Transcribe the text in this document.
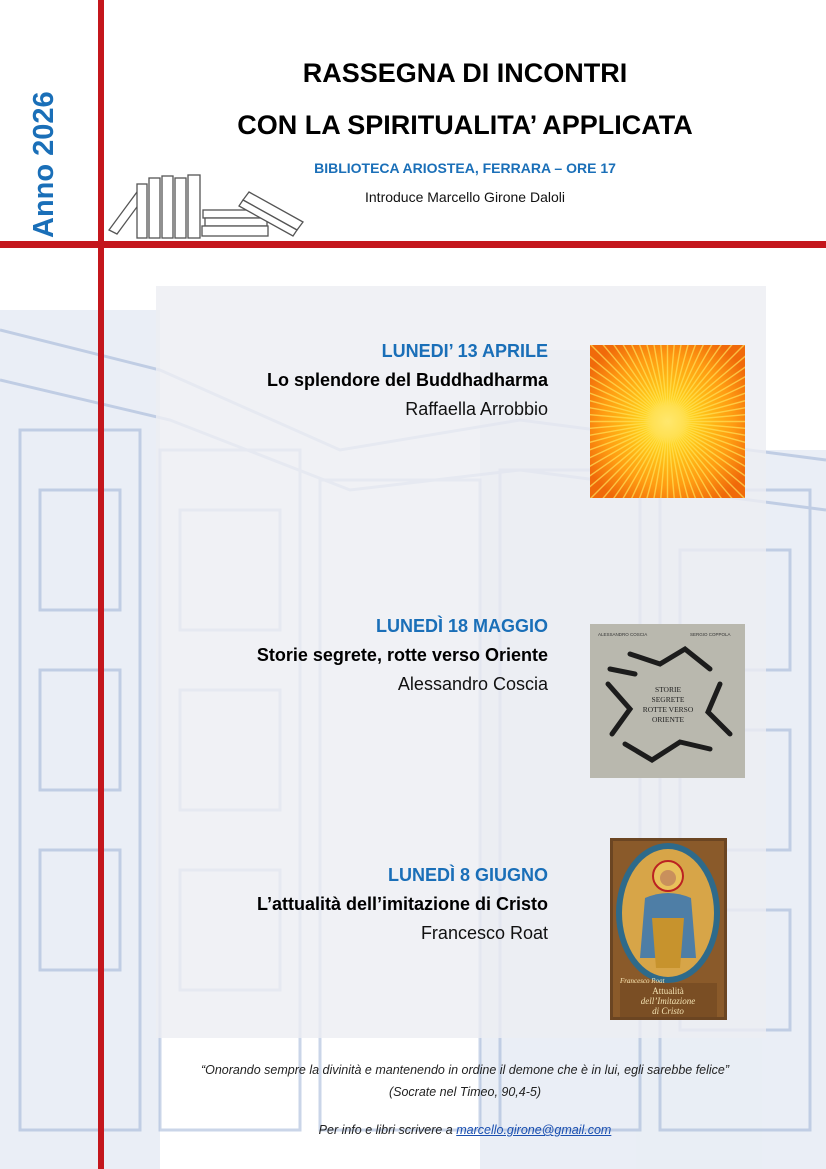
Anno 2026
RASSEGNA DI INCONTRI
CON LA SPIRITUALITA’ APPLICATA
BIBLIOTECA ARIOSTEA, FERRARA – ORE 17
Introduce Marcello Girone Daloli
LUNEDI’ 13 APRILE
Lo splendore del Buddhadharma
Raffaella Arrobbio
LUNEDÌ 18 MAGGIO
Storie segrete, rotte verso Oriente
Alessandro Coscia
ALESSANDRO COSCIA	SERGIO COPPOLA
STORIE
SEGRETE
ROTTE VERSO
ORIENTE
LUNEDÌ 8 GIUGNO
L’attualità dell’imitazione di Cristo
Francesco Roat
Francesco Roat
Attualità
dell’Imitazione
di Cristo
“Onorando sempre la divinità e mantenendo in ordine il demone che è in lui, egli sarebbe felice”
(Socrate nel Timeo, 90,4-5)
Per info e libri scrivere a marcello.girone@gmail.com
